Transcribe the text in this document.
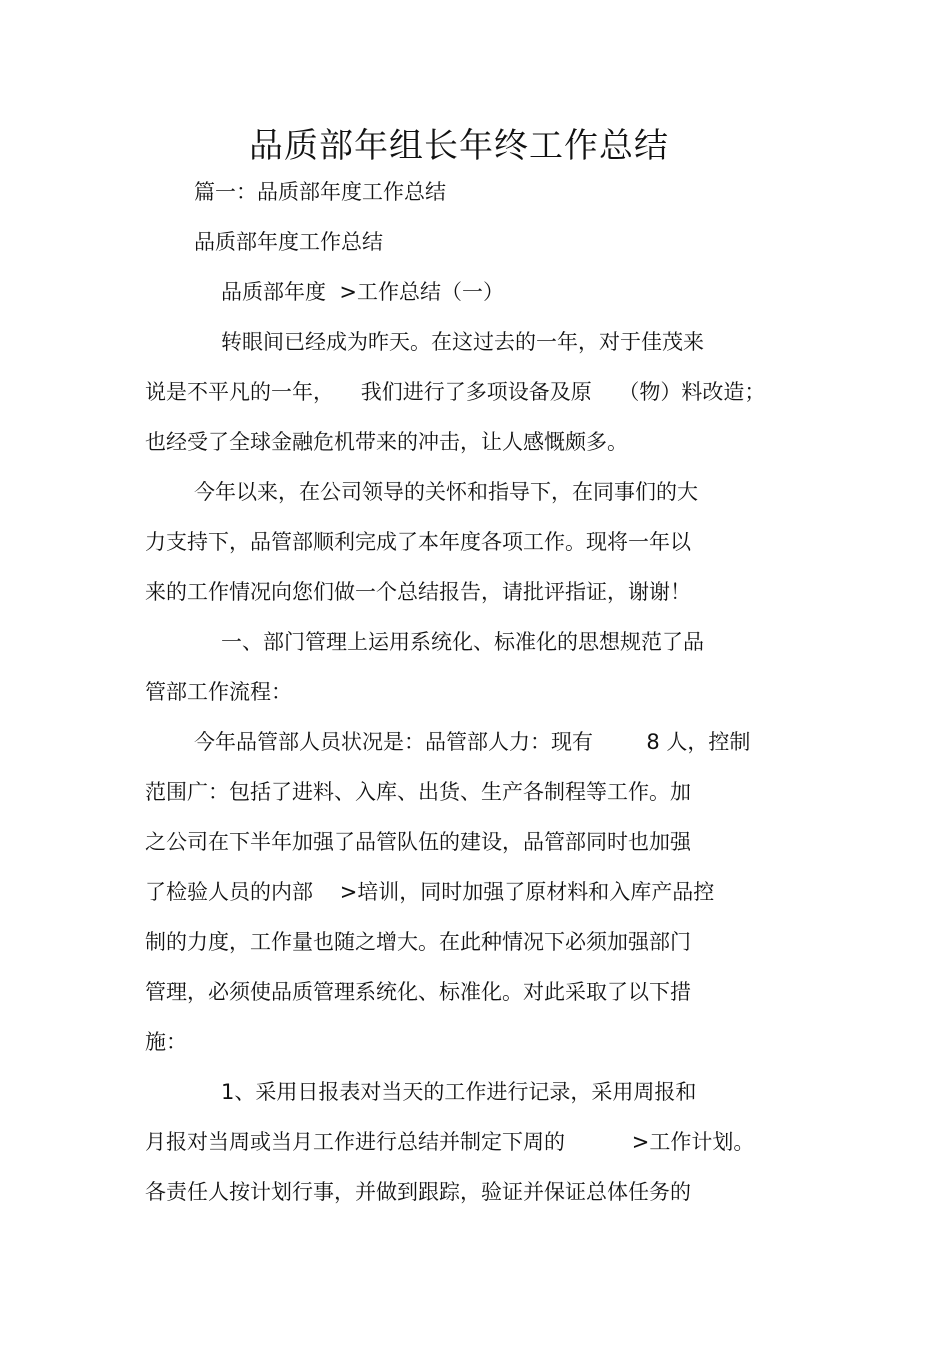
品质部年组长年终工作总结
篇一：品质部年度工作总结
品质部年度工作总结
品质部年度  >工作总结（一）
转眼间已经成为昨天。在这过去的一年，对于佳茂来
说是不平凡的一年，    我们进行了多项设备及原    （物）料改造；
也经受了全球金融危机带来的冲击，让人感慨颇多。
今年以来，在公司领导的关怀和指导下，在同事们的大
力支持下，品管部顺利完成了本年度各项工作。现将一年以
来的工作情况向您们做一个总结报告，请批评指证，谢谢！
一、部门管理上运用系统化、标准化的思想规范了品
管部工作流程：
今年品管部人员状况是：品管部人力：现有        8 人，控制
范围广：包括了进料、入库、出货、生产各制程等工作。加
之公司在下半年加强了品管队伍的建设，品管部同时也加强
了检验人员的内部    >培训，同时加强了原材料和入库产品控
制的力度，工作量也随之增大。在此种情况下必须加强部门
管理，必须使品质管理系统化、标准化。对此采取了以下措
施：
1、采用日报表对当天的工作进行记录，采用周报和
月报对当周或当月工作进行总结并制定下周的          >工作计划。
各责任人按计划行事，并做到跟踪，验证并保证总体任务的
